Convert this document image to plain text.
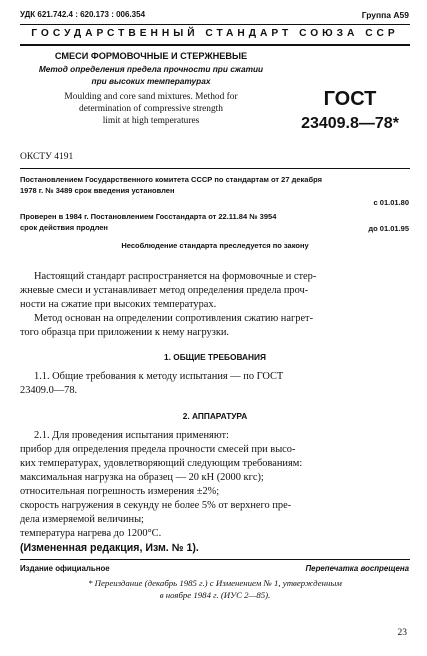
УДК 621.742.4 : 620.173 : 006.354	Группа А59
ГОСУДАРСТВЕННЫЙ СТАНДАРТ СОЮЗА ССР
СМЕСИ ФОРМОВОЧНЫЕ И СТЕРЖНЕВЫЕ
Метод определения предела прочности при сжатии
при высоких температурах
Moulding and core sand mixtures. Method for
determination of compressive strength
limit at high temperatures
ГОСТ
23409.8—78*
ОКСТУ 4191
Постановлением Государственного комитета СССР по стандартам от 27 декабря
1978 г. № 3489 срок введения установлен
с 01.01.80
Проверен в 1984 г. Постановлением Госстандарта от 22.11.84 № 3954
срок действия продлен	до 01.01.95
Несоблюдение стандарта преследуется по закону
Настоящий стандарт распространяется на формовочные и стер-
жневые смеси и устанавливает метод определения предела проч-
ности на сжатие при высоких температурах.
Метод основан на определении сопротивления сжатию нагрет-
того образца при приложении к нему нагрузки.
1. ОБЩИЕ ТРЕБОВАНИЯ
1.1. Общие требования к методу испытания — по ГОСТ
23409.0—78.
2. АППАРАТУРА
2.1. Для проведения испытания применяют:
прибор для определения предела прочности смесей при высо-
ких температурах, удовлетворяющий следующим требованиям:
максимальная нагрузка на образец — 20 кН (2000 кгс);
относительная погрешность измерения ±2%;
скорость нагружения в секунду не более 5% от верхнего пре-
дела измеряемой величины;
температура нагрева до 1200°С.
(Измененная редакция, Изм. № 1).
Издание официальное	Перепечатка воспрещена
* Переиздание (декабрь 1985 г.) с Изменением № 1, утвержденным
в ноябре 1984 г. (ИУС 2—85).
23
